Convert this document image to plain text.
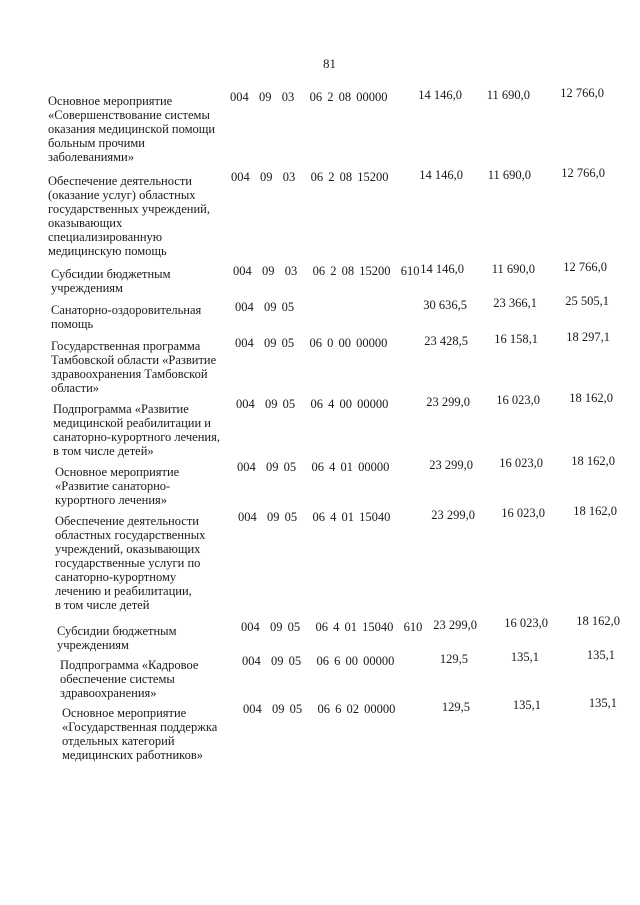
81
Основное мероприятие
«Совершенствование системы
оказания медицинской помощи
больным прочими
заболеваниями»
004  09  03   06 2 08 00000	14 146,0	11 690,0	12 766,0
Обеспечение деятельности
(оказание услуг) областных
государственных учреждений,
оказывающих
специализированную
медицинскую помощь
004  09  03   06 2 08 15200	14 146,0	11 690,0	12 766,0
Субсидии бюджетным
учреждениям
004  09  03   06 2 08 15200  610 14 146,0	11 690,0	12 766,0
Санаторно-оздоровительная
помощь
004  09 05	30 636,5	23 366,1	25 505,1
Государственная программа
Тамбовской области «Развитие
здравоохранения Тамбовской
области»
004  09 05   06 0 00 00000	23 428,5	16 158,1	18 297,1
Подпрограмма «Развитие
медицинской реабилитации и
санаторно-курортного лечения,
в том числе детей»
004  09 05   06 4 00 00000	23 299,0	16 023,0	18 162,0
Основное мероприятие
«Развитие санаторно-
курортного лечения»
004  09 05   06 4 01 00000	23 299,0	16 023,0	18 162,0
Обеспечение деятельности
областных государственных
учреждений, оказывающих
государственные услуги по
санаторно-курортному
лечению и реабилитации,
в том числе детей
004  09 05   06 4 01 15040	23 299,0	16 023,0	18 162,0
Субсидии бюджетным
учреждениям
004  09 05   06 4 01 15040  610 23 299,0	16 023,0	18 162,0
Подпрограмма «Кадровое
обеспечение системы
здравоохранения»
004  09 05   06 6 00 00000	129,5	135,1	135,1
Основное мероприятие
«Государственная поддержка
отдельных категорий
медицинских работников»
004  09 05   06 6 02 00000	129,5	135,1	135,1
